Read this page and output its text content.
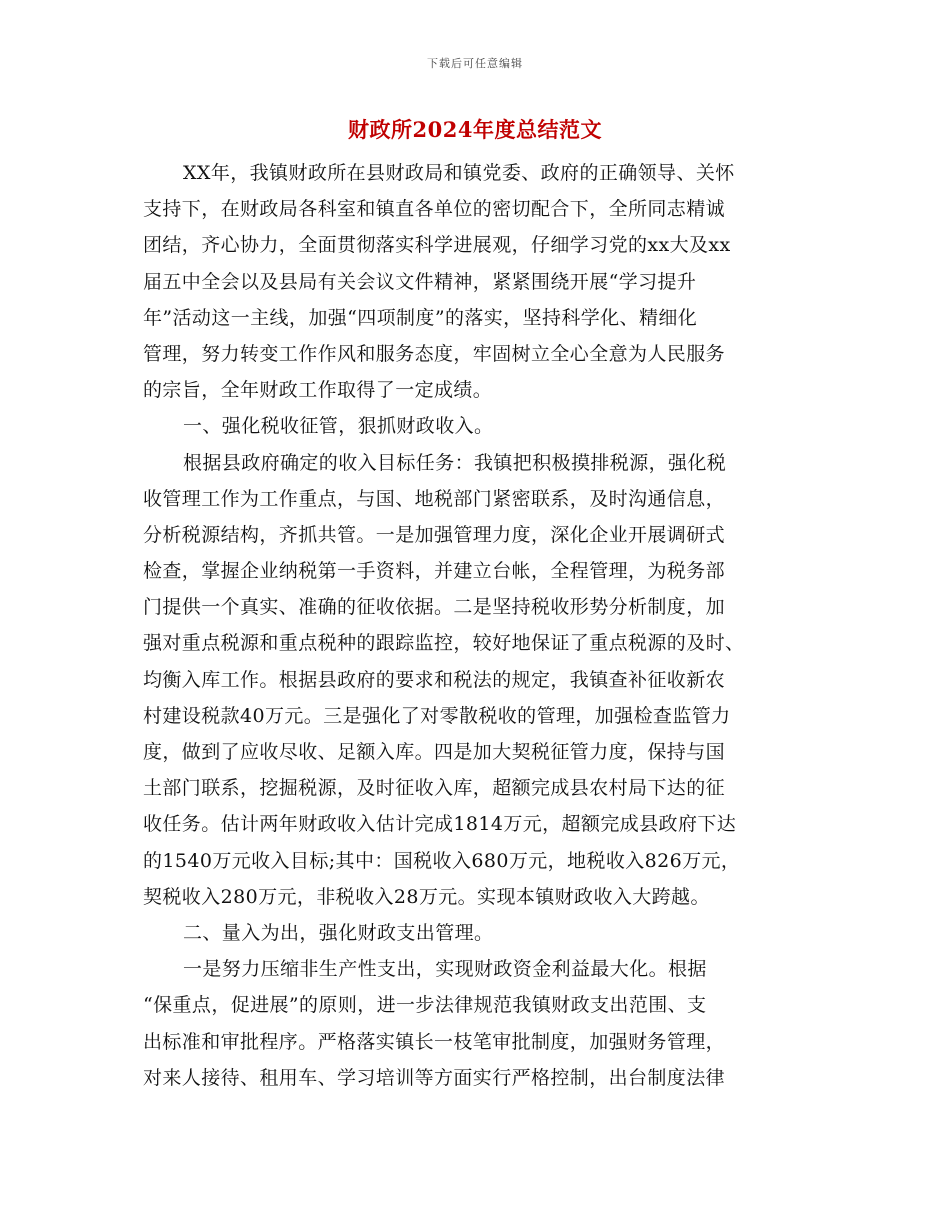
下载后可任意编辑
财政所2024年度总结范文
XX年，我镇财政所在县财政局和镇党委、政府的正确领导、关怀
支持下，在财政局各科室和镇直各单位的密切配合下，全所同志精诚
团结，齐心协力，全面贯彻落实科学进展观，仔细学习党的xx大及xx
届五中全会以及县局有关会议文件精神，紧紧围绕开展“学习提升
年”活动这一主线，加强“四项制度”的落实，坚持科学化、精细化
管理，努力转变工作作风和服务态度，牢固树立全心全意为人民服务
的宗旨，全年财政工作取得了一定成绩。
一、强化税收征管，狠抓财政收入。
根据县政府确定的收入目标任务：我镇把积极摸排税源，强化税
收管理工作为工作重点，与国、地税部门紧密联系，及时沟通信息，
分析税源结构，齐抓共管。一是加强管理力度，深化企业开展调研式
检查，掌握企业纳税第一手资料，并建立台帐，全程管理，为税务部
门提供一个真实、准确的征收依据。二是坚持税收形势分析制度，加
强对重点税源和重点税种的跟踪监控，较好地保证了重点税源的及时、
均衡入库工作。根据县政府的要求和税法的规定，我镇查补征收新农
村建设税款40万元。三是强化了对零散税收的管理，加强检查监管力
度，做到了应收尽收、足额入库。四是加大契税征管力度，保持与国
土部门联系，挖掘税源，及时征收入库，超额完成县农村局下达的征
收任务。估计两年财政收入估计完成1814万元，超额完成县政府下达
的1540万元收入目标;其中：国税收入680万元，地税收入826万元，
契税收入280万元，非税收入28万元。实现本镇财政收入大跨越。
二、量入为出，强化财政支出管理。
一是努力压缩非生产性支出，实现财政资金利益最大化。根据
“保重点，促进展”的原则，进一步法律规范我镇财政支出范围、支
出标准和审批程序。严格落实镇长一枝笔审批制度，加强财务管理，
对来人接待、租用车、学习培训等方面实行严格控制，出台制度法律
